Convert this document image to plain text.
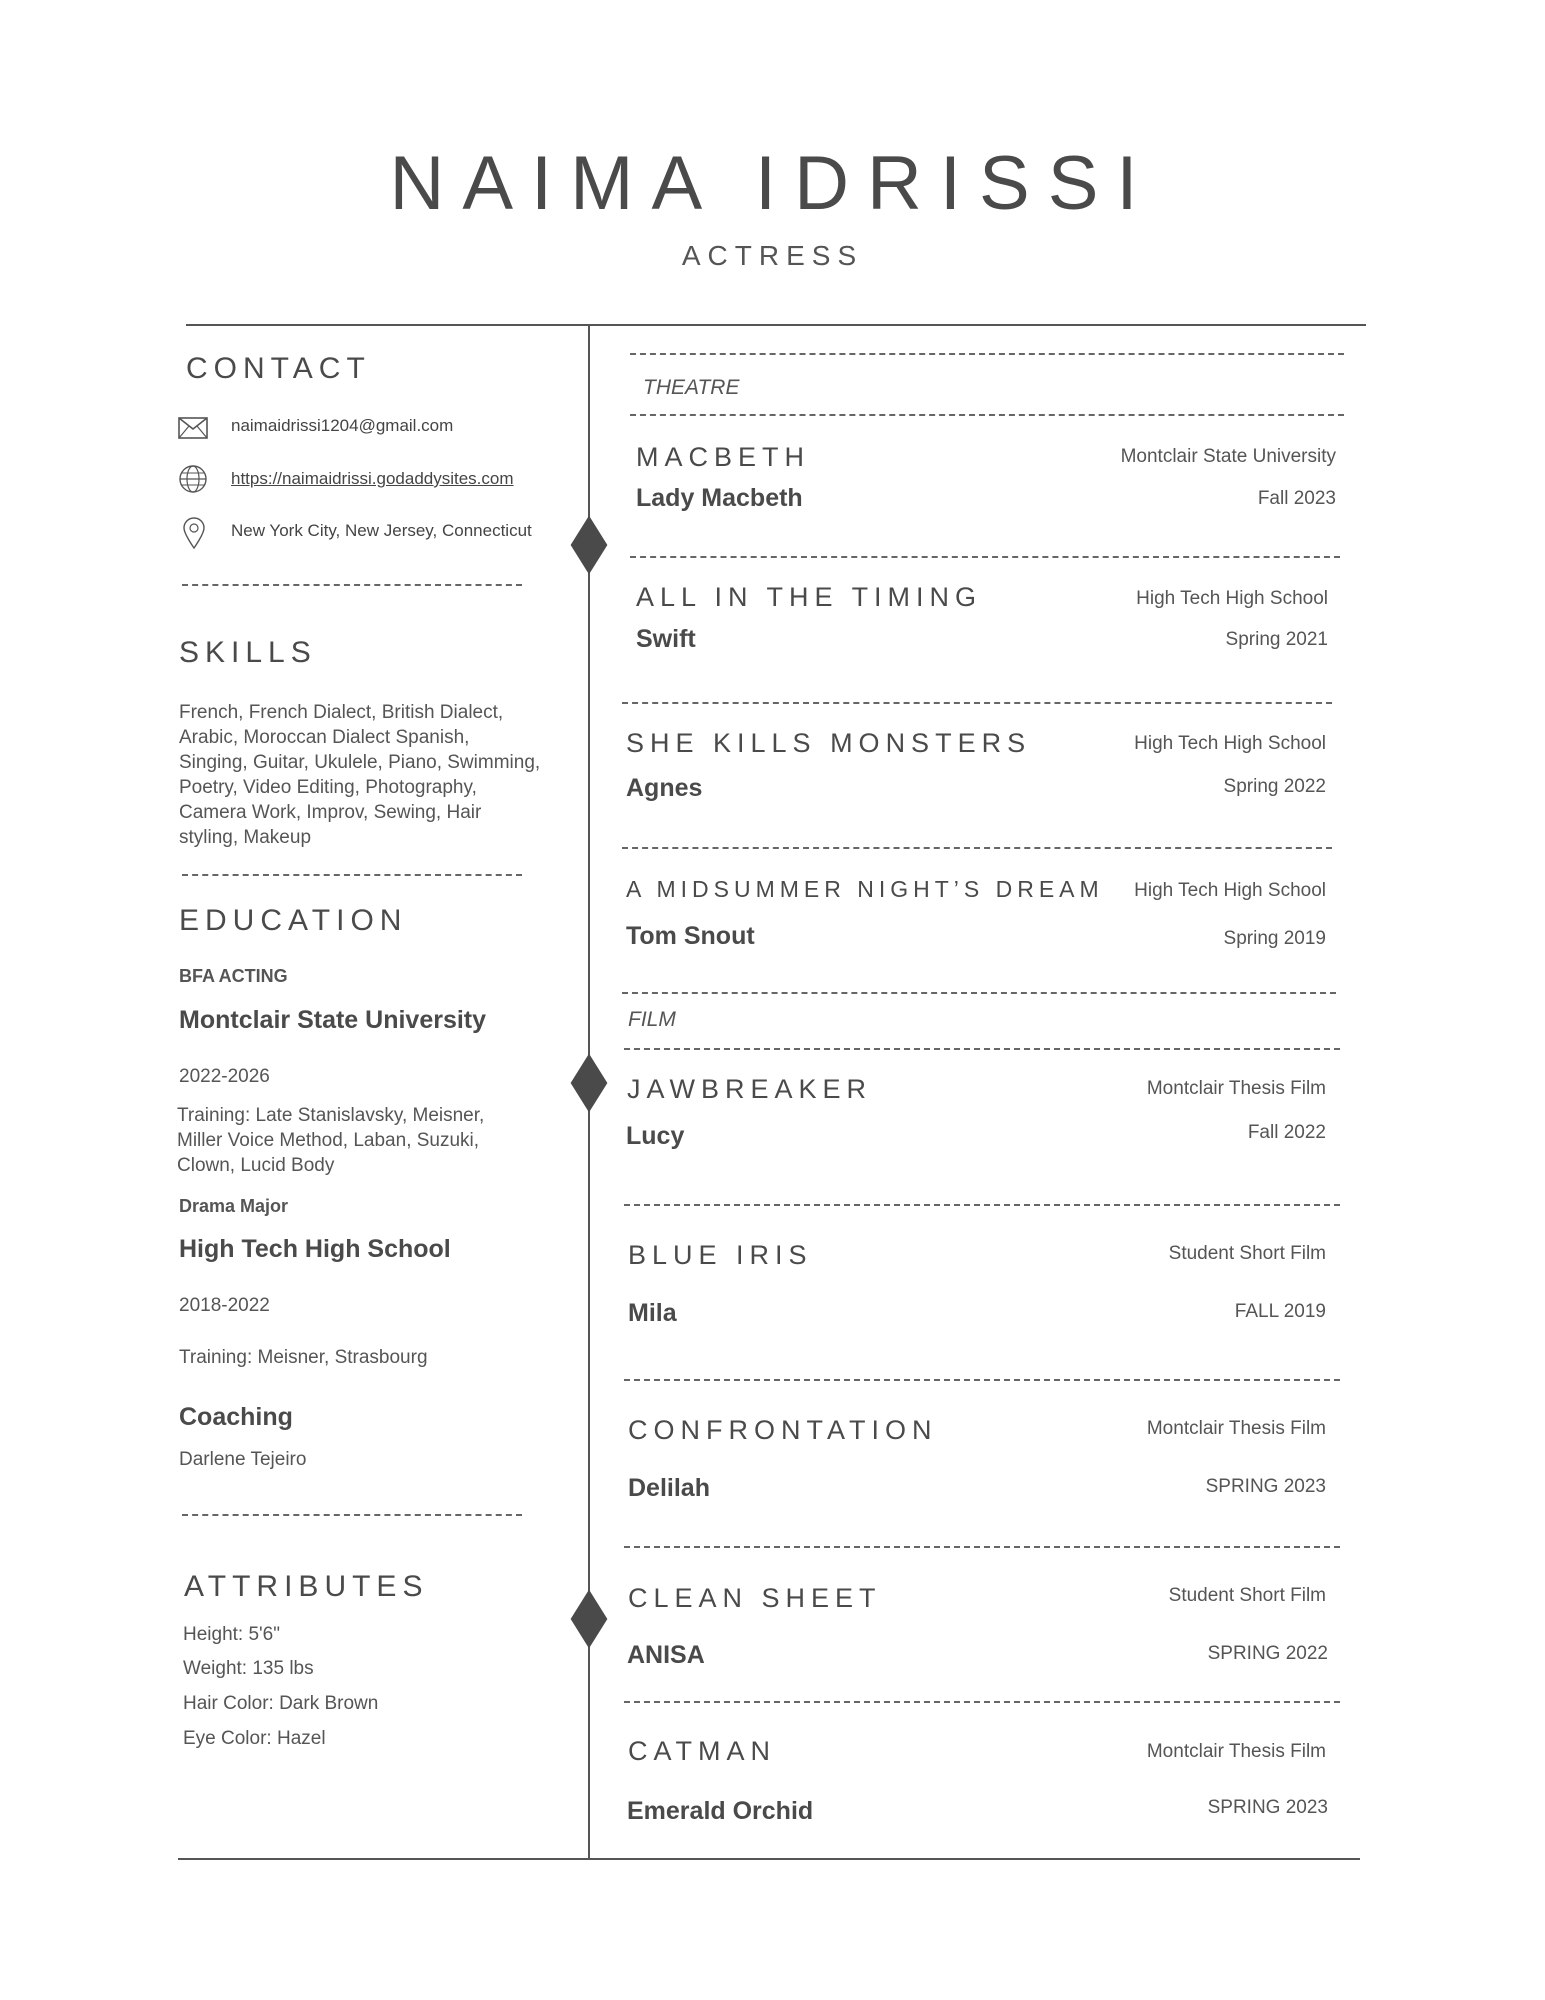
NAIMA IDRISSI
ACTRESS
CONTACT
naimaidrissi1204@gmail.com
https://naimaidrissi.godaddysites.com
New York City, New Jersey, Connecticut
SKILLS
French, French Dialect, British Dialect,
Arabic, Moroccan Dialect Spanish,
Singing, Guitar, Ukulele, Piano, Swimming,
Poetry, Video Editing, Photography,
Camera Work, Improv, Sewing, Hair
styling, Makeup
EDUCATION
BFA ACTING
Montclair State University
2022-2026
Training: Late Stanislavsky, Meisner,
Miller Voice Method, Laban, Suzuki,
Clown, Lucid Body
Drama Major
High Tech High School
2018-2022
Training: Meisner, Strasbourg
Coaching
Darlene Tejeiro
ATTRIBUTES
Height: 5'6"
Weight: 135 lbs
Hair Color: Dark Brown
Eye Color: Hazel
THEATRE
MACBETH	Montclair State University
Lady Macbeth	Fall 2023
ALL IN THE TIMING	High Tech High School
Swift	Spring 2021
SHE KILLS MONSTERS	High Tech High School
Agnes	Spring 2022
A MIDSUMMER NIGHT’S DREAM	High Tech High School
Tom Snout	Spring 2019
FILM
JAWBREAKER	Montclair Thesis Film
Lucy	Fall 2022
BLUE IRIS	Student Short Film
Mila	FALL 2019
CONFRONTATION	Montclair Thesis Film
Delilah	SPRING 2023
CLEAN SHEET	Student Short Film
ANISA	SPRING 2022
CATMAN	Montclair Thesis Film
Emerald Orchid	SPRING 2023
